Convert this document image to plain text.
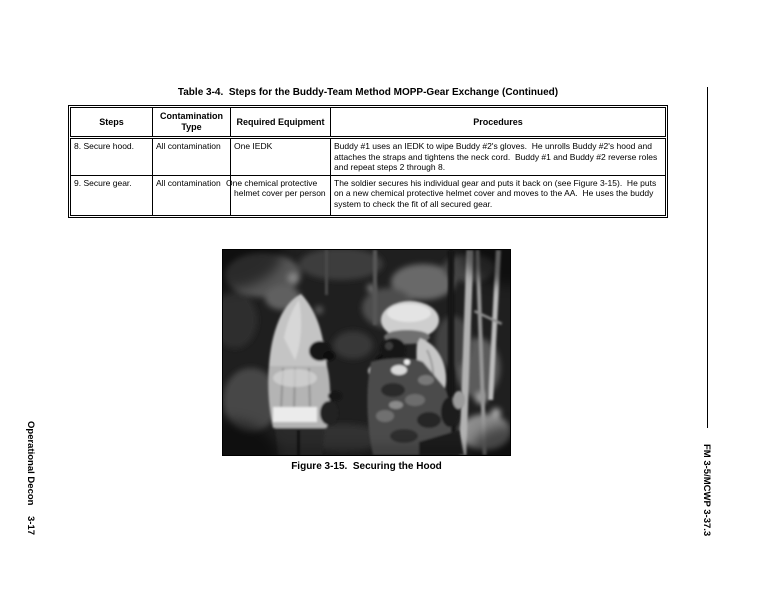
Table 3-4.  Steps for the Buddy-Team Method MOPP-Gear Exchange (Continued)
Steps	Contamination Type	Required Equipment	Procedures
8. Secure hood.	All contamination	One IEDK	Buddy #1 uses an IEDK to wipe Buddy #2's gloves.  He unrolls Buddy #2's hood and attaches the straps and tightens the neck cord.  Buddy #1 and Buddy #2 reverse roles and repeat steps 2 through 8.
9. Secure gear.	All contamination	One chemical protective helmet cover per person	The soldier secures his individual gear and puts it back on (see Figure 3-15).  He puts on a new chemical protective helmet cover and moves to the AA.  He uses the buddy system to check the fit of all secured gear.
Figure 3-15.  Securing the Hood
Operational Decon    3-17	FM 3-5/MCWP 3-37.3
